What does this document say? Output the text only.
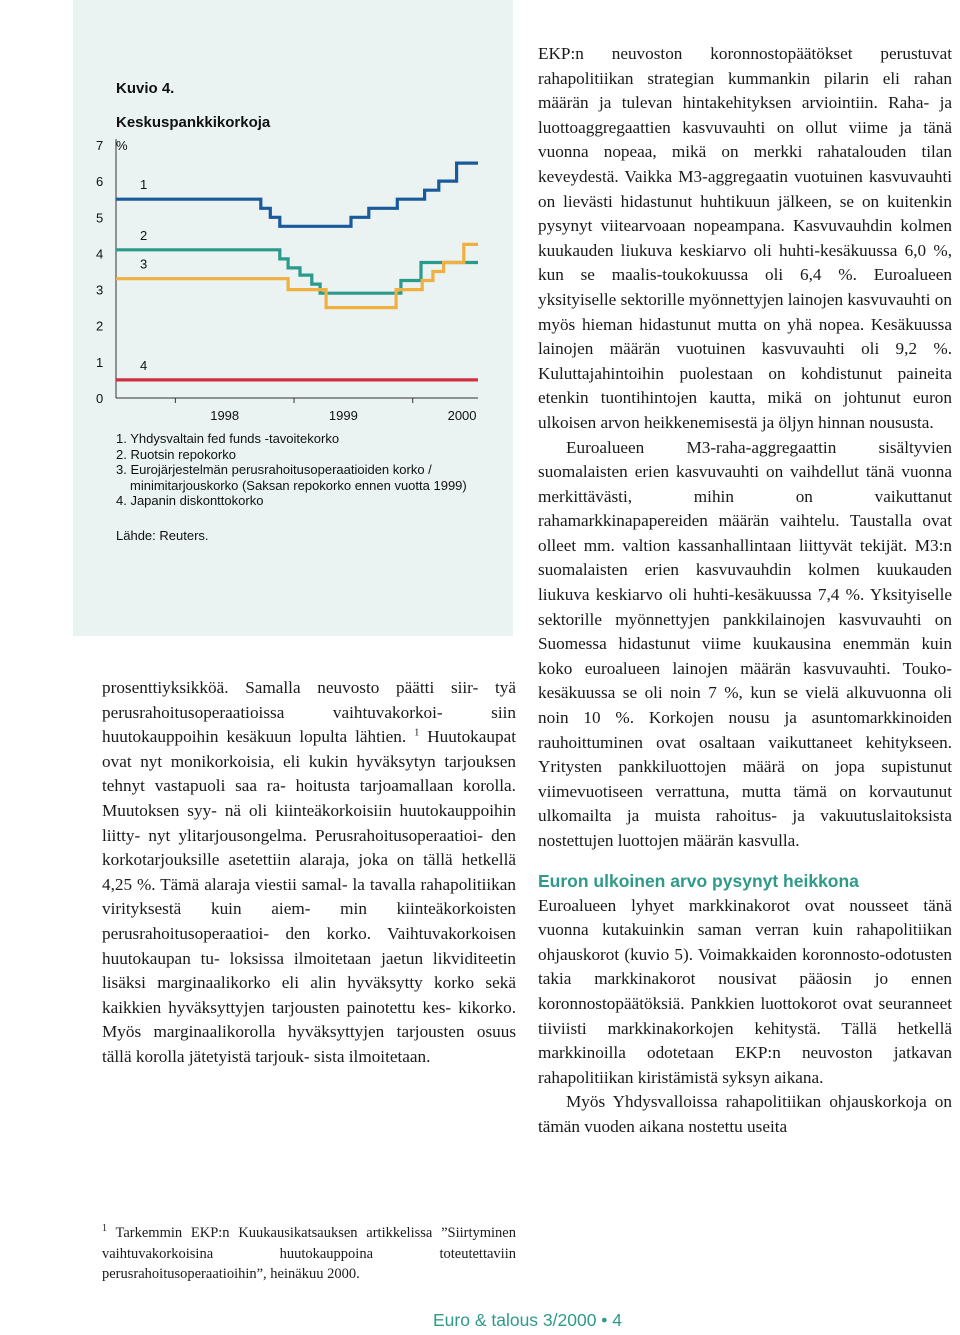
Kuvio 4.
Keskuspankkikorkoja
%
0
1
2
3
4
5
6
7
1998	1999	2000
1
2
3
4
1. Yhdysvaltain fed funds -tavoitekorko
2. Ruotsin repokorko
3. Eurojärjestelmän perusrahoitusoperaatioiden korko /
minimitarjouskorko (Saksan repokorko ennen vuotta 1999)
4. Japanin diskonttokorko
Lähde: Reuters.

prosenttiyksikköä. Samalla neuvosto päätti siir- tyä perusrahoitusoperaatioissa vaihtuvakorkoi- siin huutokauppoihin kesäkuun lopulta lähtien. $^1$ Huutokaupat ovat nyt monikorkoisia, eli kukin hyväksytyn tarjouksen tehnyt vastapuoli saa ra- hoitusta tarjoamallaan korolla. Muutoksen syy- nä oli kiinteäkorkoisiin huutokauppoihin liitty- nyt ylitarjousongelma. Perusrahoitusoperaatioi- den korkotarjouksille asetettiin alaraja, joka on tällä hetkellä 4,25 %. Tämä alaraja viestii samal- la tavalla rahapolitiikan virityksestä kuin aiem- min kiinteäkorkoisten perusrahoitusoperaatioi- den korko. Vaihtuvakorkoisen huutokaupan tu- loksissa ilmoitetaan jaetun likviditeetin lisäksi marginaalikorko eli alin hyväksytty korko sekä kaikkien hyväksyttyjen tarjousten painotettu kes- kikorko. Myös marginaalikorolla hyväksyttyjen tarjousten osuus tällä korolla jätetyistä tarjouk- sista ilmoitetaan.

$^1$ Tarkemmin EKP:n Kuukausikatsauksen artikkelissa ”Siirtyminen vaihtuvakorkoisina huutokauppoina toteutettaviin perusrahoitusoperaatioihin”, heinäkuu 2000.

EKP:n neuvoston koronnostopäätökset perustuvat rahapolitiikan strategian kummankin pilarin eli rahan määrän ja tulevan hintakehityksen arviointiin. Raha- ja luottoaggregaattien kasvuvauhti on ollut viime ja tänä vuonna nopeaa, mikä on merkki rahatalouden tilan keveydestä. Vaikka M3-aggregaatin vuotuinen kasvuvauhti on lievästi hidastunut huhtikuun jälkeen, se on kuitenkin pysynyt viitearvoaan nopeampana. Kasvuvauhdin kolmen kuukauden liukuva keskiarvo oli huhti-kesäkuussa 6,0 %, kun se maalis-toukokuussa oli 6,4 %. Euroalueen yksityiselle sektorille myönnettyjen lainojen kasvuvauhti on myös hieman hidastunut mutta on yhä nopea. Kesäkuussa lainojen määrän vuotuinen kasvuvauhti oli 9,2 %. Kuluttajahintoihin puolestaan on kohdistunut paineita etenkin tuontihintojen kautta, mikä on johtunut euron ulkoisen arvon heikkenemisestä ja öljyn hinnan noususta.

Euroalueen M3-raha-aggregaattin sisältyvien suomalaisten erien kasvuvauhti on vaihdellut tänä vuonna merkittävästi, mihin on vaikuttanut rahamarkkinapapereiden määrän vaihtelu. Taustalla ovat olleet mm. valtion kassanhallintaan liittyvät tekijät. M3:n suomalaisten erien kasvuvauhdin kolmen kuukauden liukuva keskiarvo oli huhti-kesäkuussa 7,4 %. Yksityiselle sektorille myönnettyjen pankkilainojen kasvuvauhti on Suomessa hidastunut viime kuukausina enemmän kuin koko euroalueen lainojen määrän kasvuvauhti. Touko-kesäkuussa se oli noin 7 %, kun se vielä alkuvuonna oli noin 10 %. Korkojen nousu ja asuntomarkkinoiden rauhoittuminen ovat osaltaan vaikuttaneet kehitykseen. Yritysten pankkiluottojen määrä on jopa supistunut viimevuotiseen verrattuna, mutta tämä on korvautunut ulkomailta ja muista rahoitus- ja vakuutuslaitoksista nostettujen luottojen määrän kasvulla.

Euron ulkoinen arvo pysynyt heikkona

Euroalueen lyhyet markkinakorot ovat nousseet tänä vuonna kutakuinkin saman verran kuin rahapolitiikan ohjauskorot (kuvio 5). Voimakkaiden koronnosto-odotusten takia markkinakorot nousivat pääosin jo ennen koronnostopäätöksiä. Pankkien luottokorot ovat seuranneet tiiviisti markkinakorkojen kehitystä. Tällä hetkellä markkinoilla odotetaan EKP:n neuvoston jatkavan rahapolitiikan kiristämistä syksyn aikana.

Myös Yhdysvalloissa rahapolitiikan ohjauskorkoja on tämän vuoden aikana nostettu useita

Euro & talous 3/2000 • 4
